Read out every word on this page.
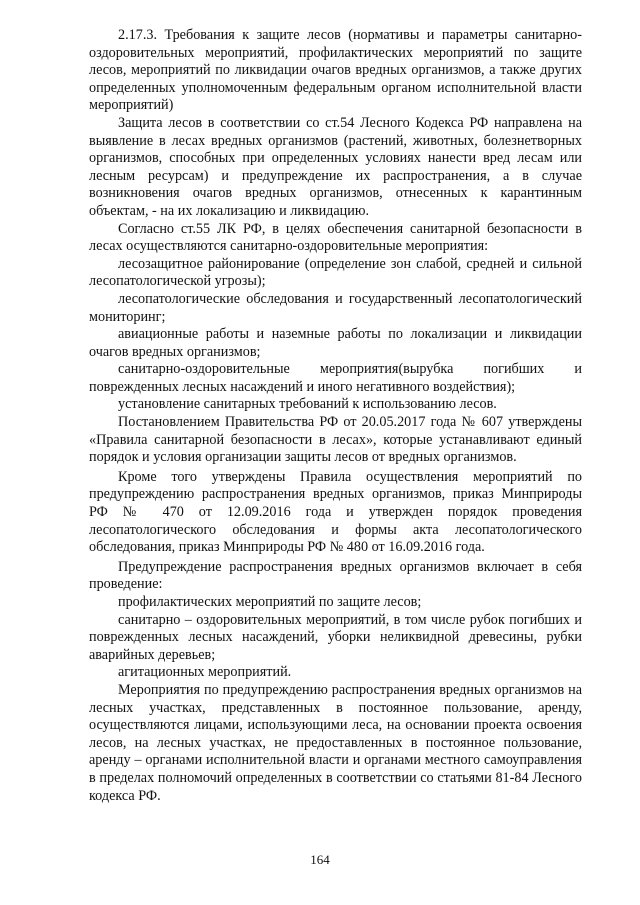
2.17.3. Требования к защите лесов (нормативы и параметры санитарно-оздоровительных мероприятий, профилактических мероприятий по защите лесов, мероприятий по ликвидации очагов вредных организмов, а также других определенных уполномоченным федеральным органом исполнительной власти мероприятий)

Защита лесов в соответствии со ст.54 Лесного Кодекса РФ направлена на выявление в лесах вредных организмов (растений, животных, болезнетворных организмов, способных при определенных условиях нанести вред лесам или лесным ресурсам) и предупреждение их распространения, а в случае возникновения очагов вредных организмов, отнесенных к карантинным объектам, - на их локализацию и ликвидацию.

Согласно ст.55 ЛК РФ, в целях обеспечения санитарной безопасности в лесах осуществляются санитарно-оздоровительные мероприятия:

лесозащитное районирование (определение зон слабой, средней и сильной лесопатологической угрозы);

лесопатологические обследования и государственный лесопатологический мониторинг;

авиационные работы и наземные работы по локализации и ликвидации очагов вредных организмов;

санитарно-оздоровительные мероприятия(вырубка погибших и поврежденных лесных насаждений и иного негативного воздействия);

установление санитарных требований к использованию лесов.

Постановлением Правительства РФ от 20.05.2017 года № 607 утверждены «Правила санитарной безопасности в лесах», которые устанавливают единый порядок и условия организации защиты лесов от вредных организмов.

Кроме того утверждены Правила осуществления мероприятий по предупреждению распространения вредных организмов, приказ Минприроды РФ № 470 от 12.09.2016 года и утвержден порядок проведения лесопатологического обследования и формы акта лесопатологического обследования, приказ Минприроды РФ № 480 от 16.09.2016 года.

Предупреждение распространения вредных организмов включает в себя проведение:

профилактических мероприятий по защите лесов;

санитарно – оздоровительных мероприятий, в том числе рубок погибших и поврежденных лесных насаждений, уборки неликвидной древесины, рубки аварийных деревьев;

агитационных мероприятий.

Мероприятия по предупреждению распространения вредных организмов на лесных участках, представленных в постоянное пользование, аренду, осуществляются лицами, использующими леса, на основании проекта освоения лесов, на лесных участках, не предоставленных в постоянное пользование, аренду – органами исполнительной власти и органами местного самоуправления в пределах полномочий определенных в соответствии со статьями 81-84 Лесного кодекса РФ.

164
